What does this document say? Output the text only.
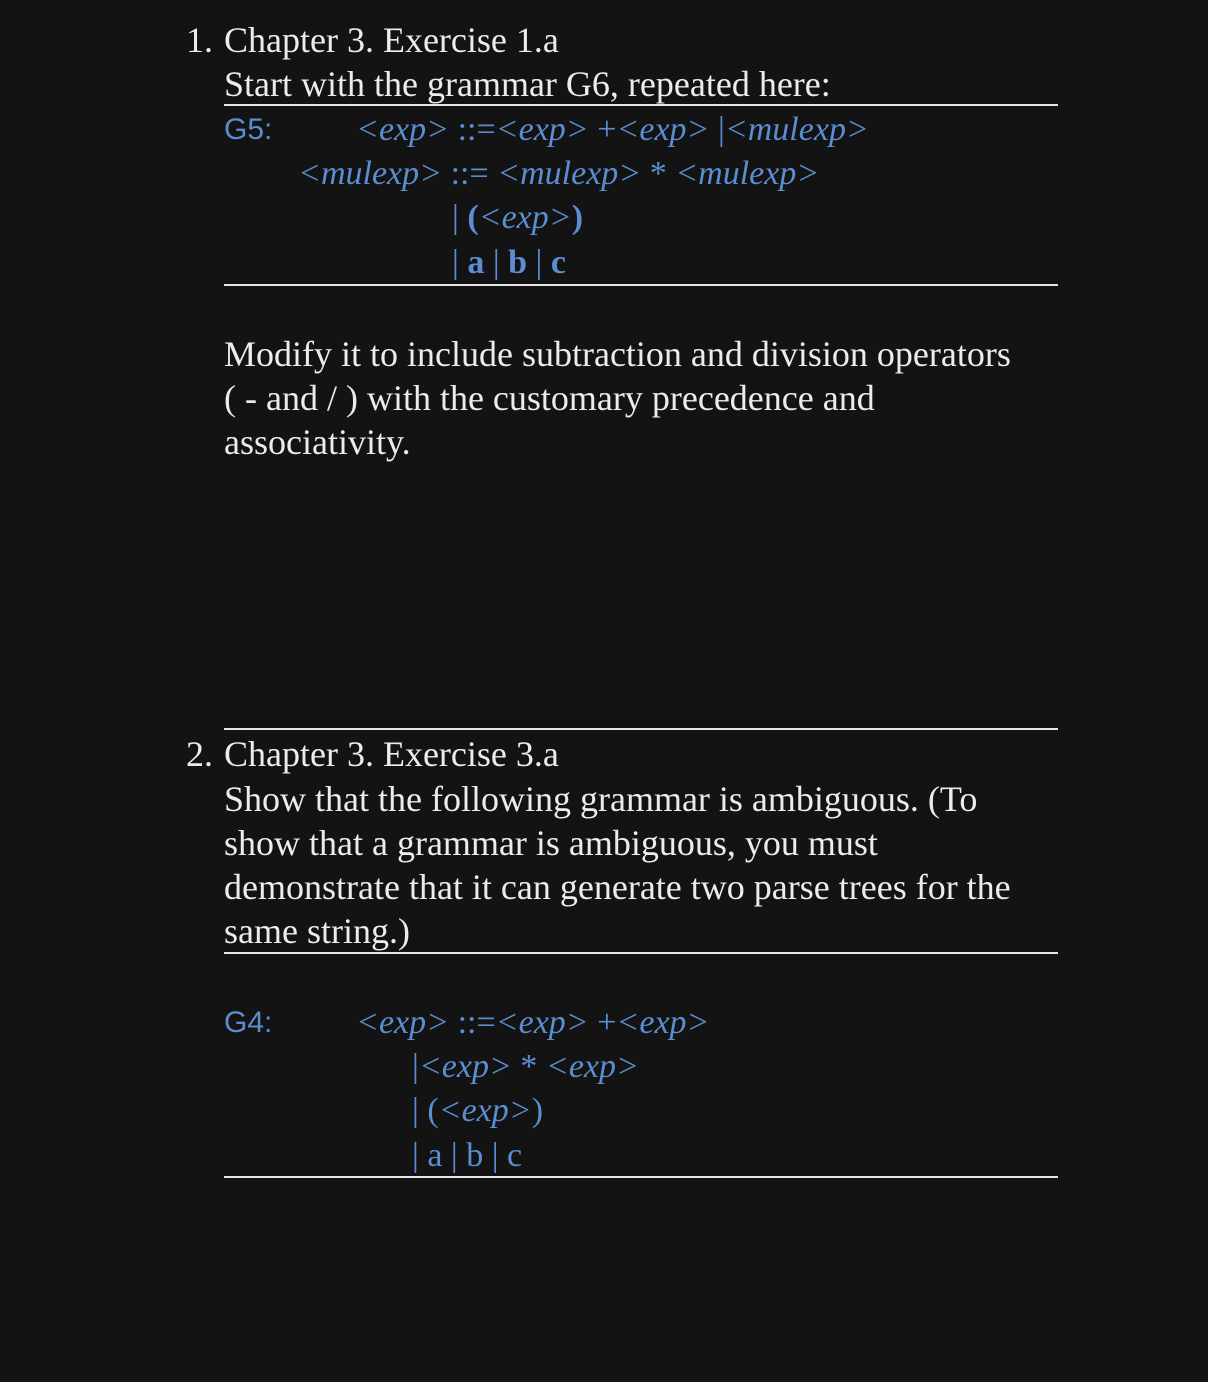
1. Chapter 3. Exercise 1.a
Start with the grammar G6, repeated here:
G5: <exp> ::=<exp> +<exp> |<mulexp>
<mulexp> ::= <mulexp> * <mulexp>
| (<exp>)
| a | b | c
Modify it to include subtraction and division operators
( - and / ) with the customary precedence and
associativity.
2. Chapter 3. Exercise 3.a
Show that the following grammar is ambiguous. (To
show that a grammar is ambiguous, you must
demonstrate that it can generate two parse trees for the
same string.)
G4: <exp> ::=<exp> +<exp>
|<exp> * <exp>
| (<exp>)
| a | b | c
